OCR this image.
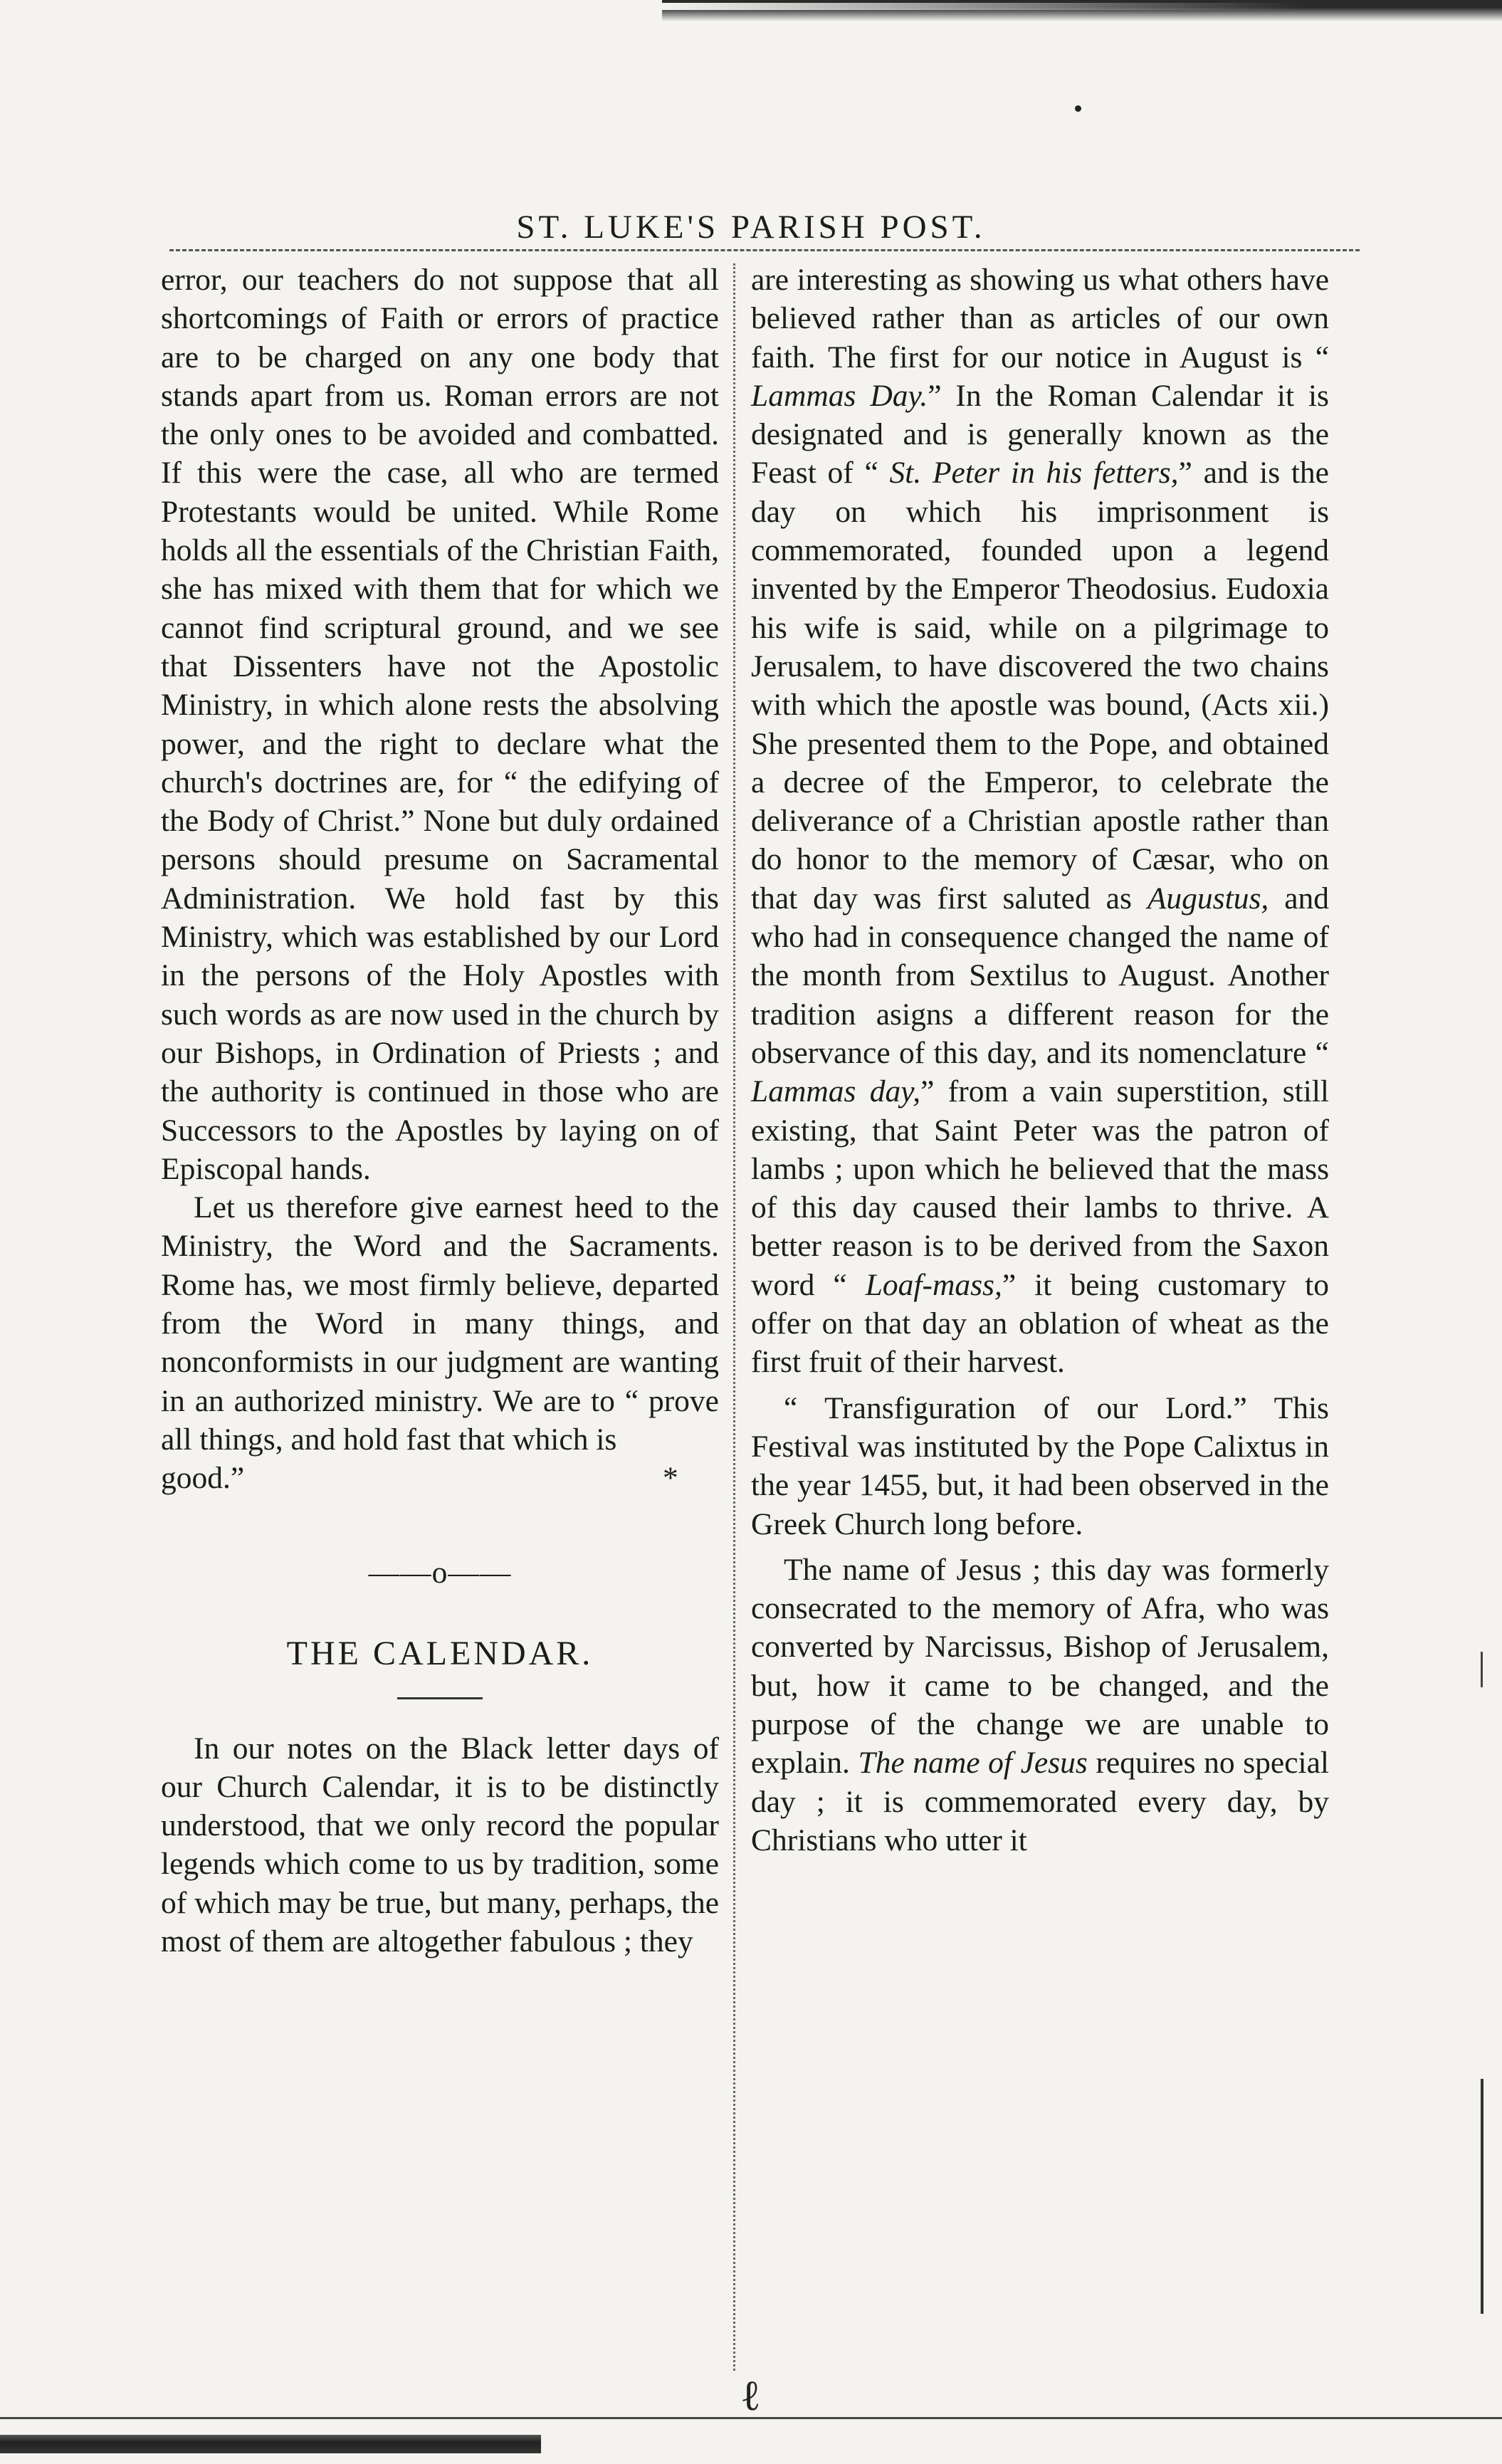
ST. LUKE'S PARISH POST.

error, our teachers do not suppose that all shortcomings of Faith or errors of practice are to be charged on any one body that stands apart from us. Roman errors are not the only ones to be avoided and combatted. If this were the case, all who are termed Protestants would be united. While Rome holds all the essentials of the Christian Faith, she has mixed with them that for which we cannot find scriptural ground, and we see that Dissenters have not the Apostolic Ministry, in which alone rests the absolving power, and the right to declare what the church's doctrines are, for “ the edifying of the Body of Christ.” None but duly ordained persons should presume on Sacramental Administration. We hold fast by this Ministry, which was established by our Lord in the persons of the Holy Apostles with such words as are now used in the church by our Bishops, in Ordination of Priests ; and the authority is continued in those who are Successors to the Apostles by laying on of Episcopal hands.

Let us therefore give earnest heed to the Ministry, the Word and the Sacraments. Rome has, we most firmly believe, departed from the Word in many things, and nonconformists in our judgment are wanting in an authorized ministry. We are to “ prove all things, and hold fast that which is

good.”	*

——o——
THE CALENDAR.

In our notes on the Black letter days of our Church Calendar, it is to be distinctly understood, that we only record the popular legends which come to us by tradition, some of which may be true, but many, perhaps, the most of them are altogether fabulous ; they

are interesting as showing us what others have believed rather than as articles of our own faith. The first for our notice in August is “ Lammas Day.” In the Roman Calendar it is designated and is generally known as the Feast of “ St. Peter in his fetters,” and is the day on which his imprisonment is commemorated, founded upon a legend invented by the Emperor Theodosius. Eudoxia his wife is said, while on a pilgrimage to Jerusalem, to have discovered the two chains with which the apostle was bound, (Acts xii.) She presented them to the Pope, and obtained a decree of the Emperor, to celebrate the deliverance of a Christian apostle rather than do honor to the memory of Cæsar, who on that day was first saluted as Augustus, and who had in consequence changed the name of the month from Sextilus to August. Another tradition asigns a different reason for the observance of this day, and its nomenclature “ Lammas day,” from a vain superstition, still existing, that Saint Peter was the patron of lambs ; upon which he believed that the mass of this day caused their lambs to thrive. A better reason is to be derived from the Saxon word “ Loaf-mass,” it being customary to offer on that day an oblation of wheat as the first fruit of their harvest.

“ Transfiguration of our Lord.” This Festival was instituted by the Pope Calixtus in the year 1455, but, it had been observed in the Greek Church long before.

The name of Jesus ; this day was formerly consecrated to the memory of Afra, who was converted by Narcissus, Bishop of Jerusalem, but, how it came to be changed, and the purpose of the change we are unable to explain. The name of Jesus requires no special day ; it is commemorated every day, by Christians who utter it

ℓ
